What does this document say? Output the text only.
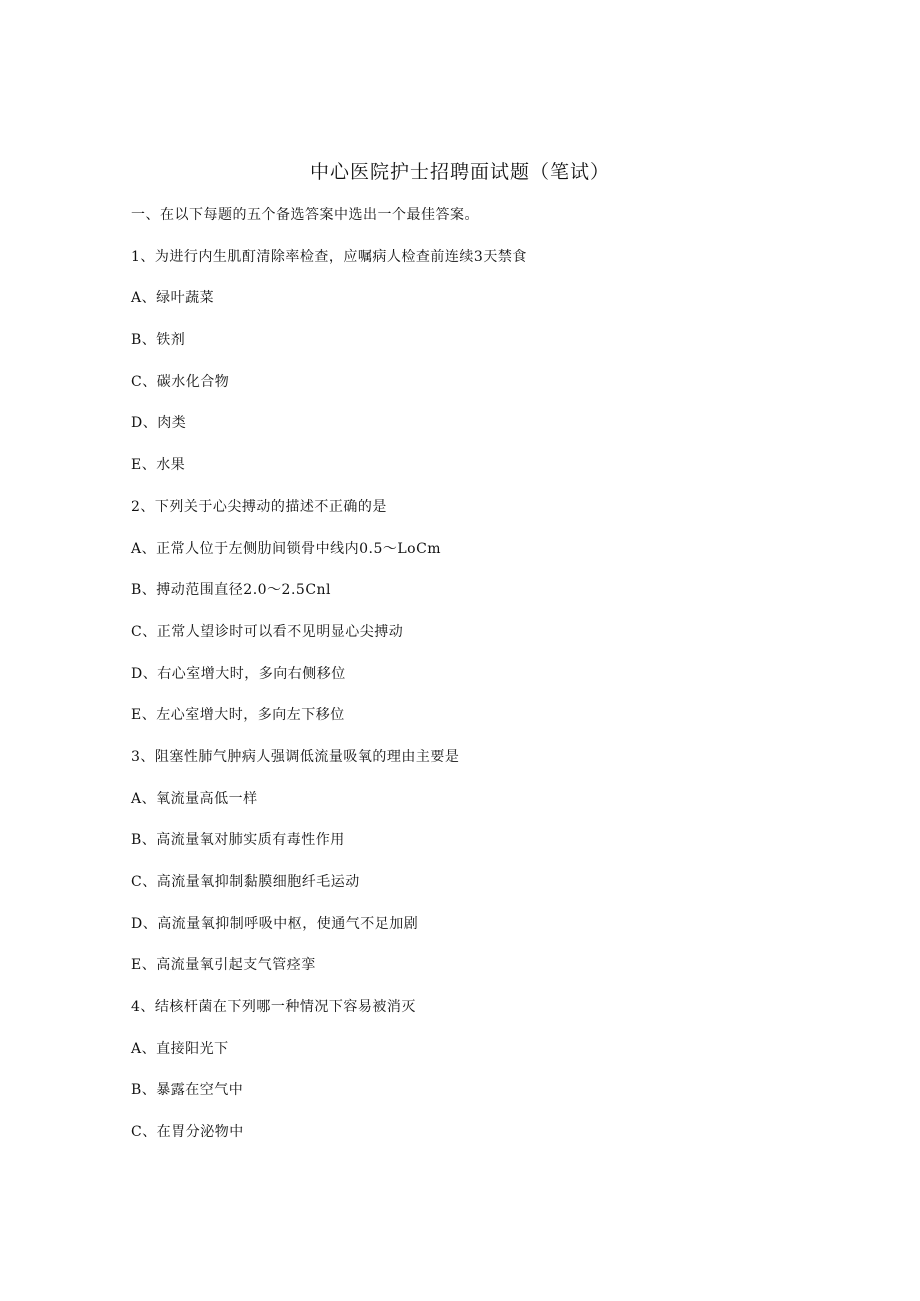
中心医院护士招聘面试题（笔试）
一、在以下每题的五个备选答案中选出一个最佳答案。
1、为进行内生肌酊清除率检查，应嘱病人检查前连续3天禁食
A、绿叶蔬菜
B、铁剂
C、碳水化合物
D、肉类
E、水果
2、下列关于心尖搏动的描述不正确的是
A、正常人位于左侧肋间锁骨中线内0.5～LoCm
B、搏动范围直径2.0～2.5Cnl
C、正常人望诊时可以看不见明显心尖搏动
D、右心室增大时，多向右侧移位
E、左心室增大时，多向左下移位
3、阻塞性肺气肿病人强调低流量吸氧的理由主要是
A、氧流量高低一样
B、高流量氧对肺实质有毒性作用
C、高流量氧抑制黏膜细胞纤毛运动
D、高流量氧抑制呼吸中枢，使通气不足加剧
E、高流量氧引起支气管痉挛
4、结核杆菌在下列哪一种情况下容易被消灭
A、直接阳光下
B、暴露在空气中
C、在胃分泌物中
